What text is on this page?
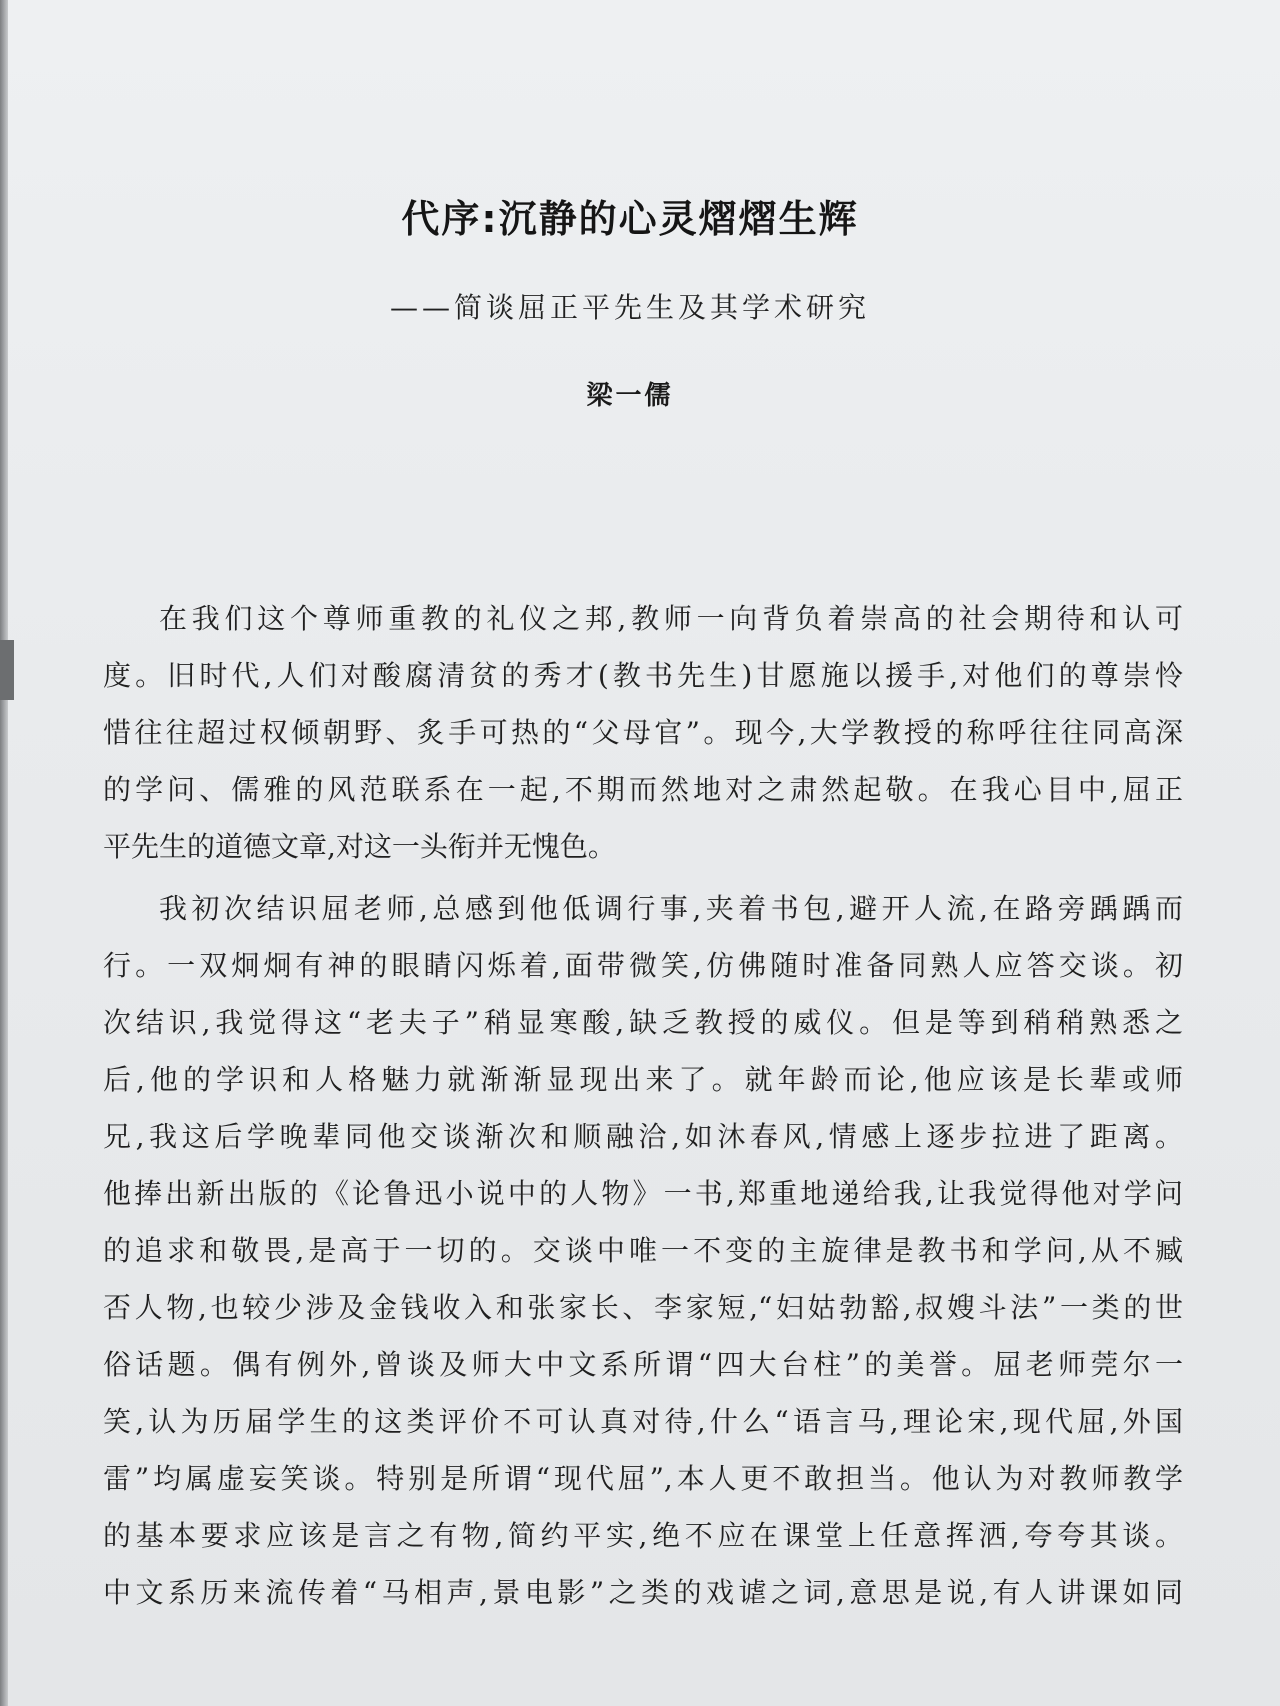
代序:沉静的心灵熠熠生辉
——简谈屈正平先生及其学术研究
梁一儒
在我们这个尊师重教的礼仪之邦,教师一向背负着崇高的社会期待和认可
度。旧时代,人们对酸腐清贫的秀才(教书先生)甘愿施以援手,对他们的尊崇怜
惜往往超过权倾朝野、炙手可热的“父母官”。现今,大学教授的称呼往往同高深
的学问、儒雅的风范联系在一起,不期而然地对之肃然起敬。在我心目中,屈正
平先生的道德文章,对这一头衔并无愧色。
我初次结识屈老师,总感到他低调行事,夹着书包,避开人流,在路旁踽踽而
行。一双炯炯有神的眼睛闪烁着,面带微笑,仿佛随时准备同熟人应答交谈。初
次结识,我觉得这“老夫子”稍显寒酸,缺乏教授的威仪。但是等到稍稍熟悉之
后,他的学识和人格魅力就渐渐显现出来了。就年龄而论,他应该是长辈或师
兄,我这后学晚辈同他交谈渐次和顺融洽,如沐春风,情感上逐步拉进了距离。
他捧出新出版的《论鲁迅小说中的人物》一书,郑重地递给我,让我觉得他对学问
的追求和敬畏,是高于一切的。交谈中唯一不变的主旋律是教书和学问,从不臧
否人物,也较少涉及金钱收入和张家长、李家短,“妇姑勃豁,叔嫂斗法”一类的世
俗话题。偶有例外,曾谈及师大中文系所谓“四大台柱”的美誉。屈老师莞尔一
笑,认为历届学生的这类评价不可认真对待,什么“语言马,理论宋,现代屈,外国
雷”均属虚妄笑谈。特别是所谓“现代屈”,本人更不敢担当。他认为对教师教学
的基本要求应该是言之有物,简约平实,绝不应在课堂上任意挥洒,夸夸其谈。
中文系历来流传着“马相声,景电影”之类的戏谑之词,意思是说,有人讲课如同
